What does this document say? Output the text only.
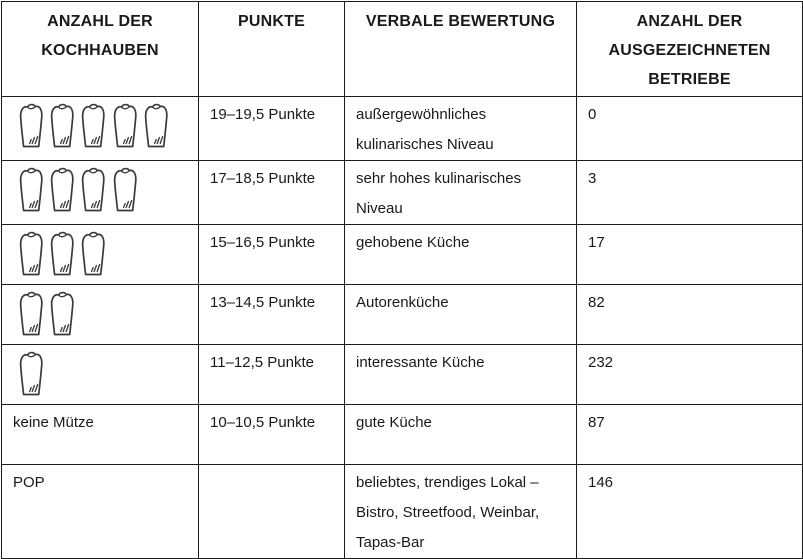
ANZAHL DER KOCHHAUBEN	PUNKTE	VERBALE BEWERTUNG	ANZAHL DER AUSGEZEICHNETEN BETRIEBE
	19–19,5 Punkte	außergewöhnliches kulinarisches Niveau	0
	17–18,5 Punkte	sehr hohes kulinarisches Niveau	3
	15–16,5 Punkte	gehobene Küche	17
	13–14,5 Punkte	Autorenküche	82
	11–12,5 Punkte	interessante Küche	232
keine Mütze	10–10,5 Punkte	gute Küche	87
POP		beliebtes, trendiges Lokal – Bistro, Streetfood, Weinbar, Tapas-Bar	146
